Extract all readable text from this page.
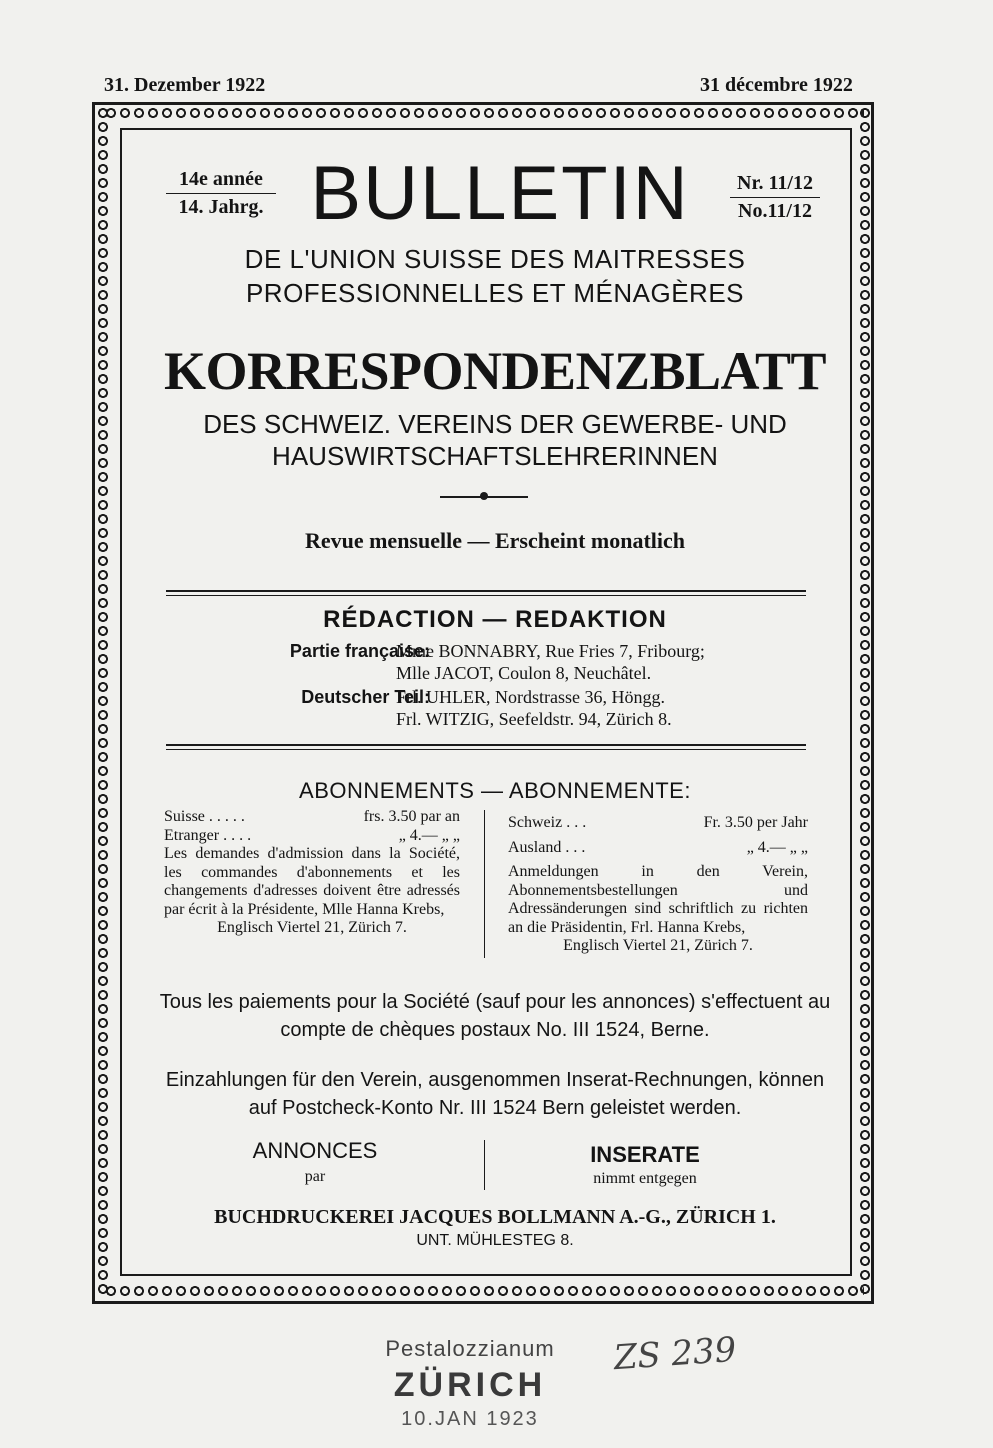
31. Dezember 1922	31 décembre 1922
14e année
14. Jahrg. BULLETIN	Nr. 11/12
No.11/12
DE L'UNION SUISSE DES MAITRESSES
PROFESSIONNELLES ET MÉNAGÈRES
KORRESPONDENZBLATT
DES SCHWEIZ. VEREINS DER GEWERBE- UND
HAUSWIRTSCHAFTSLEHRERINNEN
Revue mensuelle — Erscheint monatlich
RÉDACTION — REDAKTION
Partie française:
Mme BONNABRY, Rue Fries 7, Fribourg;
Mlle JACOT, Coulon 8, Neuchâtel.
Deutscher Teil:
Frl. UHLER, Nordstrasse 36, Höngg.
Frl. WITZIG, Seefeldstr. 94, Zürich 8.
ABONNEMENTS — ABONNEMENTE:
Suisse . . . . .	frs. 3.50 par an
Etranger . . . .	„ 4.— „ „
Les demandes d'admission dans la Société, les commandes d'abonnements et les changements d'adresses doivent être adressés par écrit à la Présidente, Mlle Hanna Krebs,
Englisch Viertel 21, Zürich 7.
Schweiz . . .	Fr. 3.50 per Jahr
Ausland . . .	„ 4.— „ „
Anmeldungen in den Verein, Abonnementsbestellungen und Adressänderungen sind schriftlich zu richten an die Präsidentin, Frl. Hanna Krebs,
Englisch Viertel 21, Zürich 7.
Tous les paiements pour la Société (sauf pour les annonces) s'effectuent au compte de chèques postaux No. III 1524, Berne.
Einzahlungen für den Verein, ausgenommen Inserat-Rechnungen, können auf Postcheck-Konto Nr. III 1524 Bern geleistet werden.
ANNONCES
par
INSERATE
nimmt entgegen
BUCHDRUCKEREI JACQUES BOLLMANN A.-G., ZÜRICH 1.
UNT. MÜHLESTEG 8.
Pestalozzianum
ZÜRICH
10.JAN 1923
ZS 239
